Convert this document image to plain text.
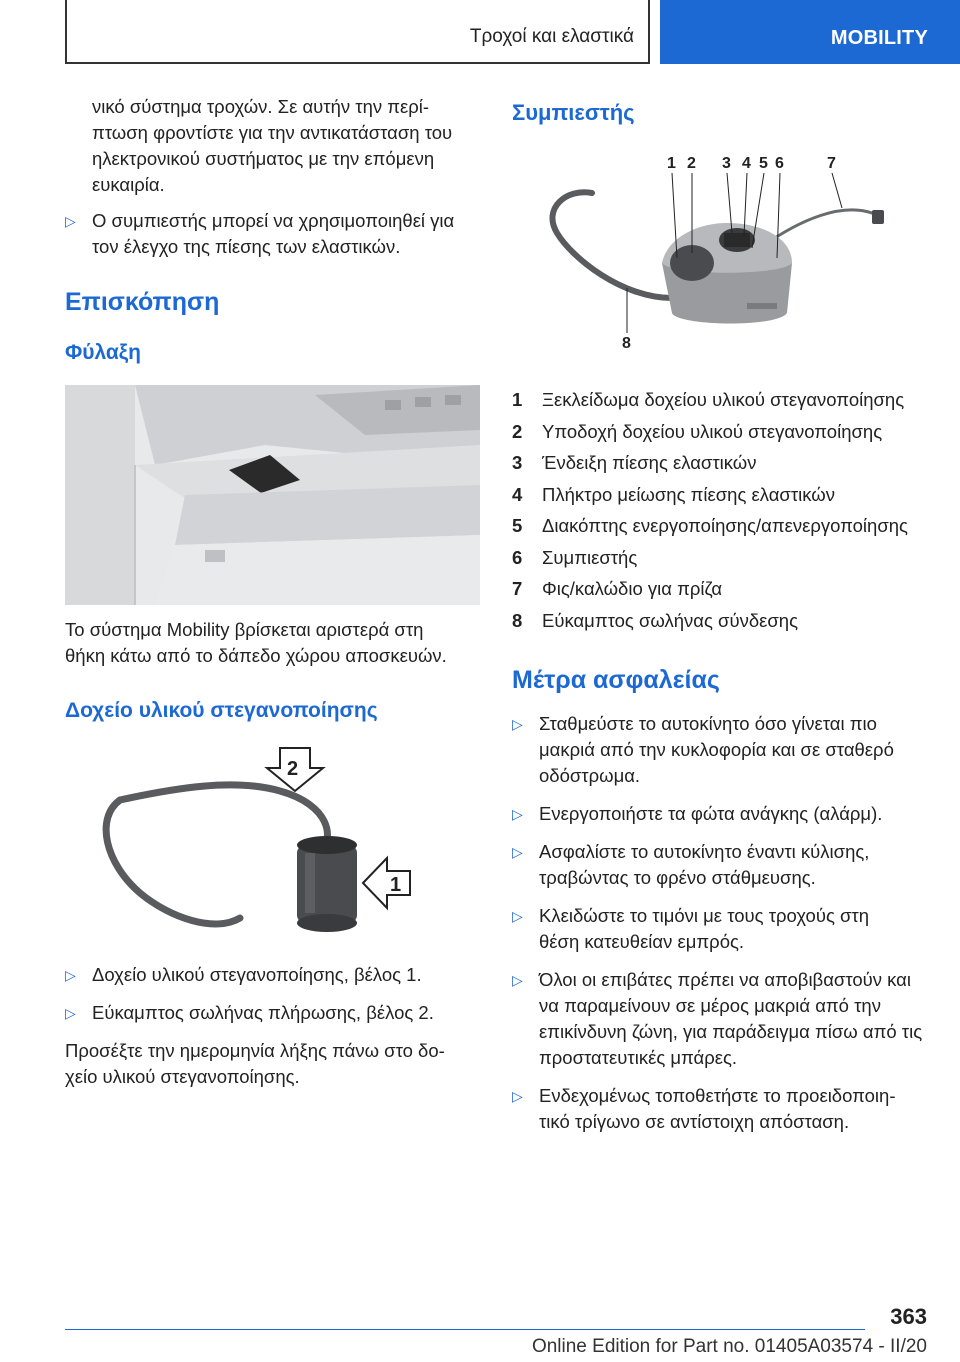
Τροχοί και ελαστικά	MOBILITY

νικό σύστημα τροχών. Σε αυτήν την περί-

πτωση φροντίστε για την αντικατάσταση του

ηλεκτρονικού συστήματος με την επόμενη

ευκαιρία.

▷ Ο συμπιεστής μπορεί να χρησιμοποιηθεί για
τον έλεγχο της πίεσης των ελαστικών.
Επισκόπηση
Φύλαξη

Το σύστημα Mobility βρίσκεται αριστερά στη

θήκη κάτω από το δάπεδο χώρου αποσκευών.

Δοχείο υλικού στεγανοποίησης
2
1
▷ Δοχείο υλικού στεγανοποίησης, βέλος 1.
▷ Εύκαμπτος σωλήνας πλήρωσης, βέλος 2.

Προσέξτε την ημερομηνία λήξης πάνω στο δο-

χείο υλικού στεγανοποίησης.

Συμπιεστής
1 2 3 4 5 6	7
8
1 Ξεκλείδωμα δοχείου υλικού στεγανοποίησης
2 Υποδοχή δοχείου υλικού στεγανοποίησης
3 Ένδειξη πίεσης ελαστικών
4 Πλήκτρο μείωσης πίεσης ελαστικών
5 Διακόπτης ενεργοποίησης/απενεργοποίησης
6 Συμπιεστής
7 Φις/καλώδιο για πρίζα
8 Εύκαμπτος σωλήνας σύνδεσης
Μέτρα ασφαλείας
▷ Σταθμεύστε το αυτοκίνητο όσο γίνεται πιο
μακριά από την κυκλοφορία και σε σταθερό
οδόστρωμα.
▷ Ενεργοποιήστε τα φώτα ανάγκης (αλάρμ).
▷ Ασφαλίστε το αυτοκίνητο έναντι κύλισης,
τραβώντας το φρένο στάθμευσης.
▷ Κλειδώστε το τιμόνι με τους τροχούς στη
θέση κατευθείαν εμπρός.
▷ Όλοι οι επιβάτες πρέπει να αποβιβαστούν και
να παραμείνουν σε μέρος μακριά από την
επικίνδυνη ζώνη, για παράδειγμα πίσω από τις
προστατευτικές μπάρες.
▷ Ενδεχομένως τοποθετήστε το προειδοποιη-
τικό τρίγωνο σε αντίστοιχη απόσταση.
363
Online Edition for Part no. 01405A03574 - II/20
